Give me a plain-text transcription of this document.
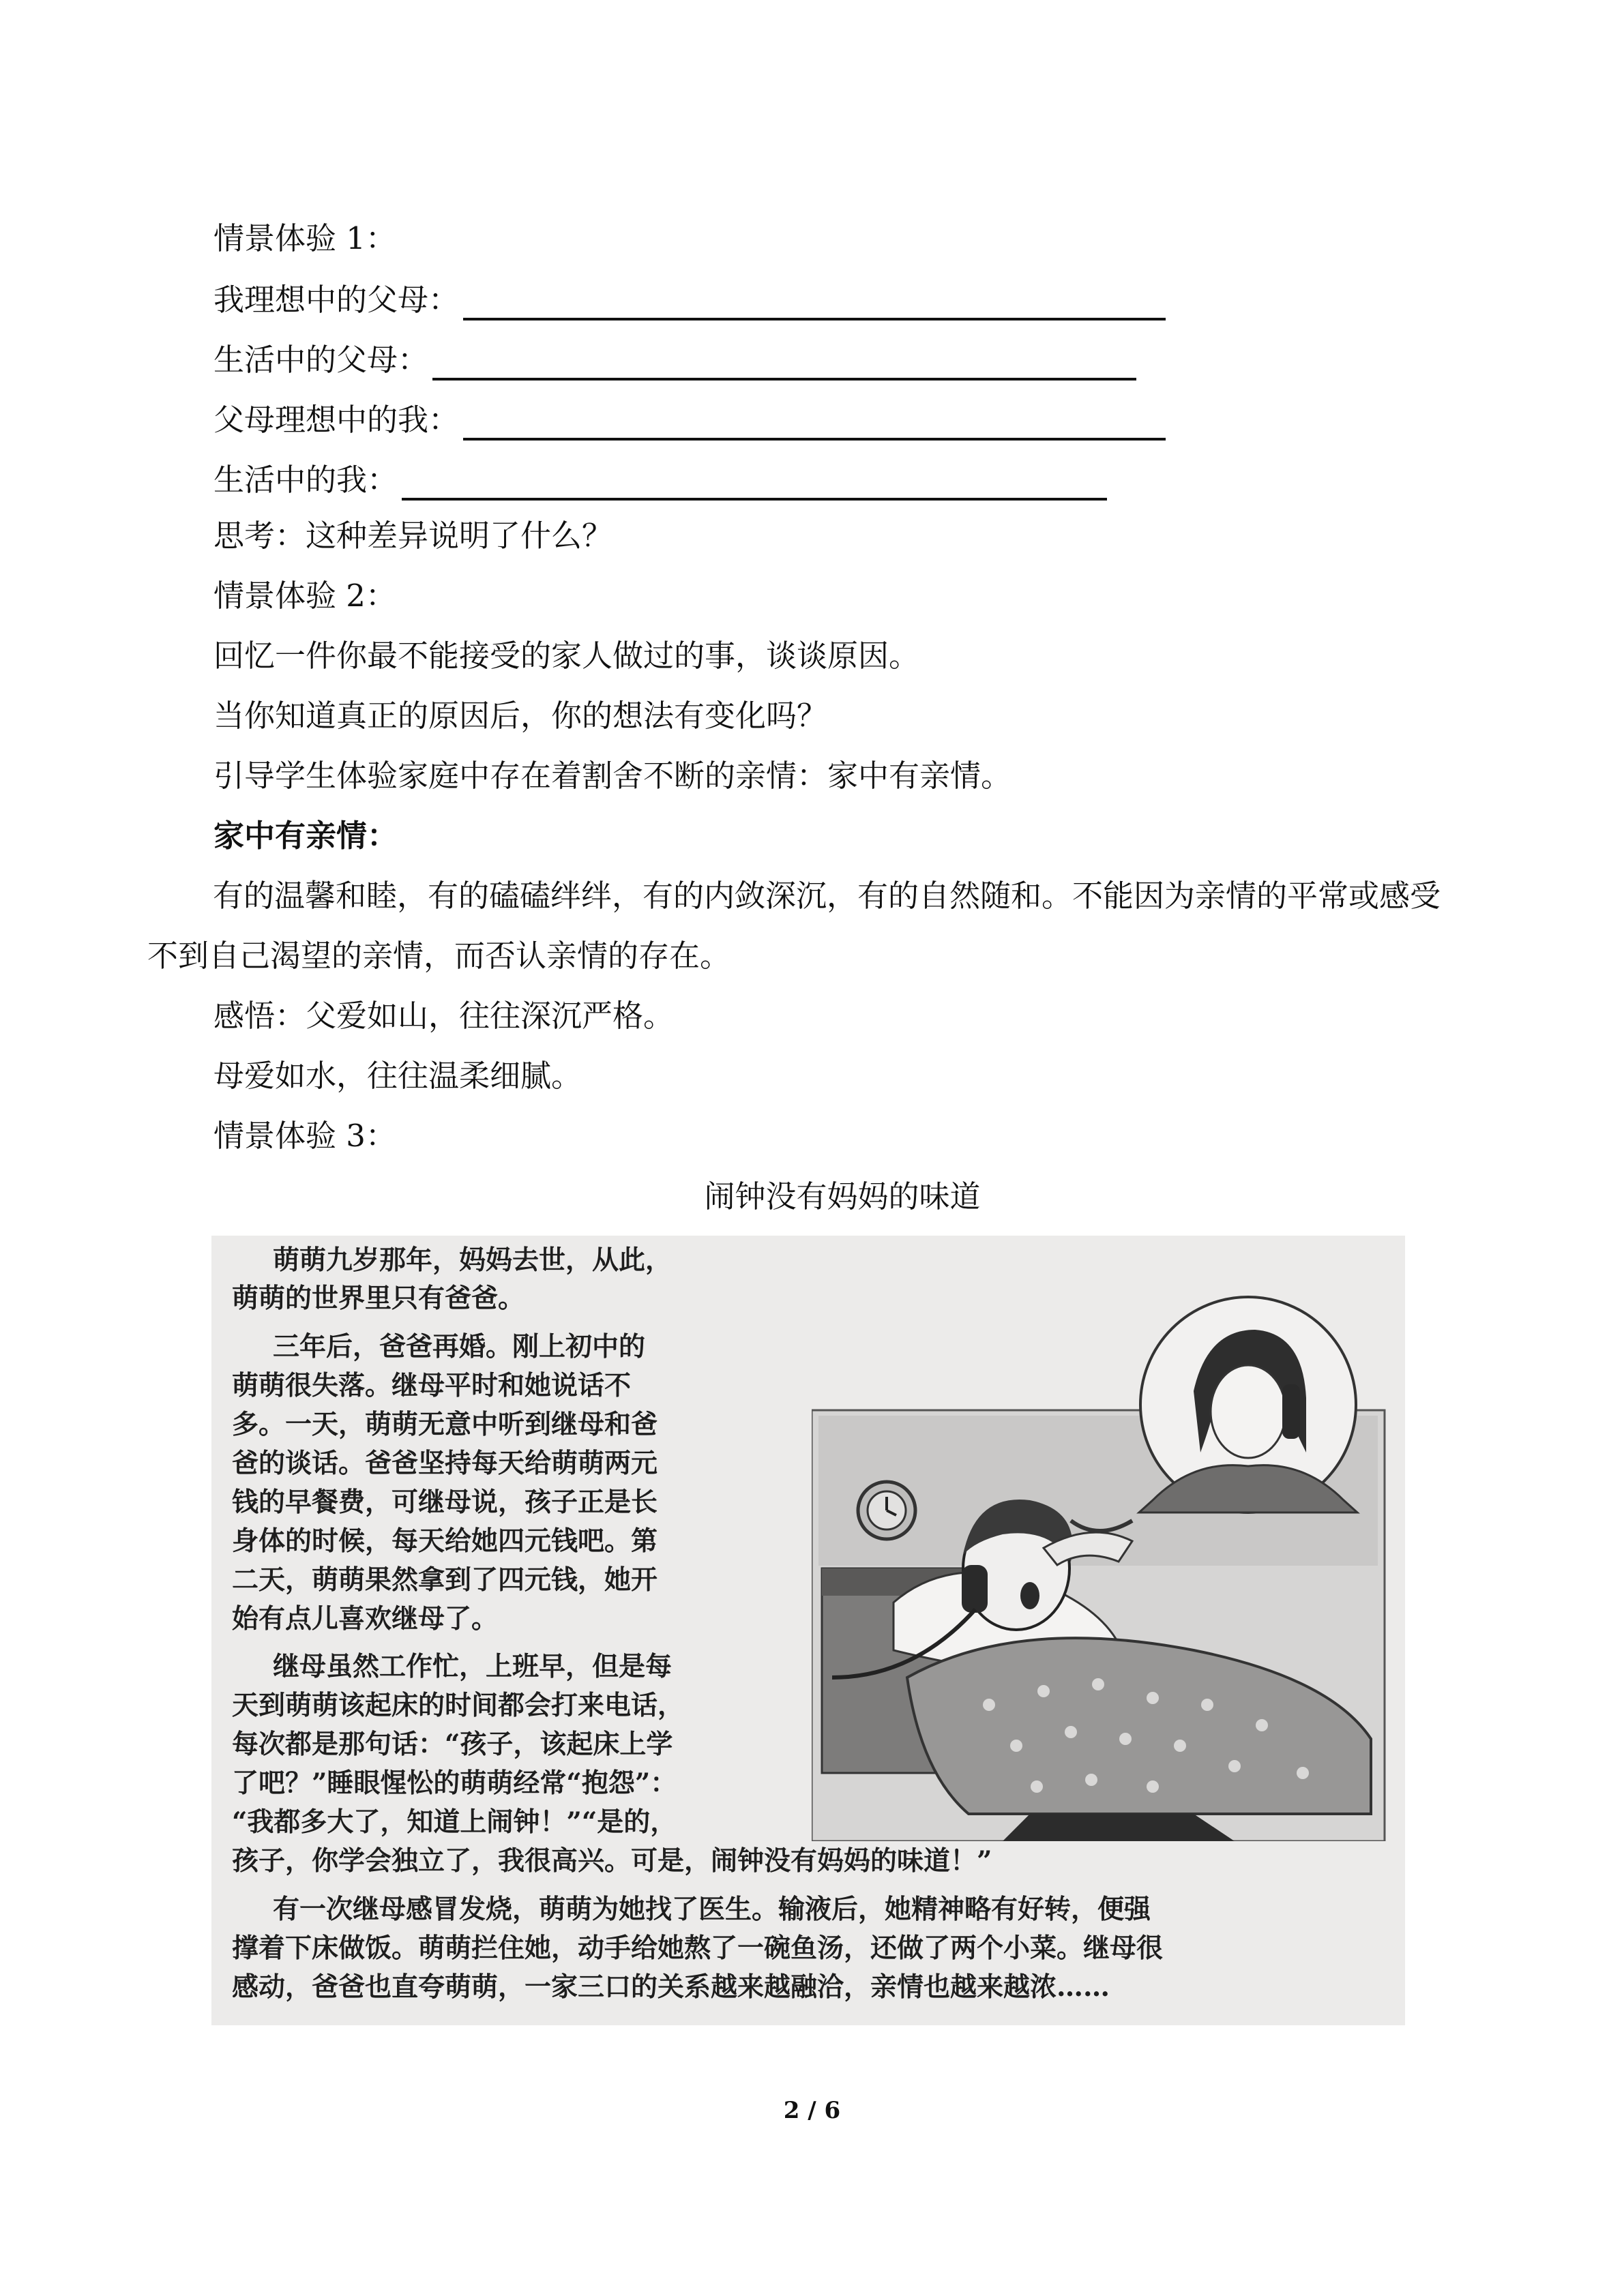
情景体验 1：
我理想中的父母：
生活中的父母：
父母理想中的我：
生活中的我：
思考：这种差异说明了什么？
情景体验 2：
回忆一件你最不能接受的家人做过的事，谈谈原因。
当你知道真正的原因后，你的想法有变化吗？
引导学生体验家庭中存在着割舍不断的亲情：家中有亲情。
家中有亲情：
有的温馨和睦，有的磕磕绊绊，有的内敛深沉，有的自然随和。不能因为亲情的平常或感受不到自己渴望的亲情，而否认亲情的存在。
感悟：父爱如山，往往深沉严格。
母爱如水，往往温柔细腻。
情景体验 3：
闹钟没有妈妈的味道
萌萌九岁那年，妈妈去世，从此，
萌萌的世界里只有爸爸。
三年后，爸爸再婚。刚上初中的
萌萌很失落。继母平时和她说话不
多。一天，萌萌无意中听到继母和爸
爸的谈话。爸爸坚持每天给萌萌两元
钱的早餐费，可继母说，孩子正是长
身体的时候，每天给她四元钱吧。第
二天，萌萌果然拿到了四元钱，她开
始有点儿喜欢继母了。
继母虽然工作忙，上班早，但是每
天到萌萌该起床的时间都会打来电话，
每次都是那句话：“孩子，该起床上学
了吧？”睡眼惺忪的萌萌经常“抱怨”：
“我都多大了，知道上闹钟！”“是的，
孩子，你学会独立了，我很高兴。可是，闹钟没有妈妈的味道！”
有一次继母感冒发烧，萌萌为她找了医生。输液后，她精神略有好转，便强
撑着下床做饭。萌萌拦住她，动手给她熬了一碗鱼汤，还做了两个小菜。继母很
感动，爸爸也直夸萌萌，一家三口的关系越来越融洽，亲情也越来越浓……
2 / 6
